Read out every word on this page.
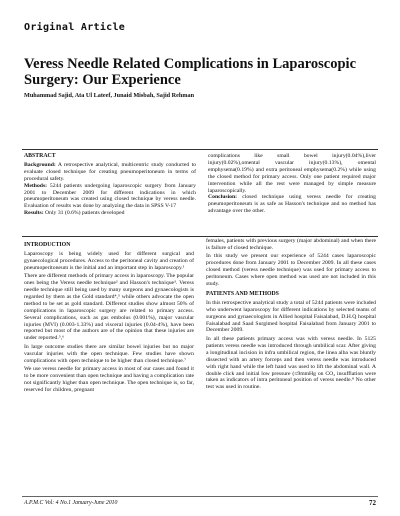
Original Article
Veress Needle Related Complications in Laparoscopic Surgery: Our Experience
Muhammad Sajid, Ata Ul Lateef, Junaid Misbah, Sajid Rehman

ABSTRACT

Background: A retrospective analytical, multicentric study conducted to evaluate closed technique for creating pneumoperitoneum in terms of procedural safety.

Methods: 5244 patients undergoing laparoscopic surgery from January 2001 to December 2009 for different indications in which pneumoperitoneum was created using closed technique by veress needle. Evaluation of results was done by analyzing the data in SPSS V-17

Results: Only 31 (0.6%) patients developed

complications like small bowel injury(0.04%),liver injury(0.02%),omental vascular injury(0.13%), omental emphysema(0.19%) and extra peritoneal emphysema(0.2%) while using the closed method for primary access. Only one patient required major intervention while all the rest were managed by simple measure laparoscopically.

Conclusion: closed technique using veress needle for creating pneumoperitoneum is as safe as Hasson's technique and no method has advantage over the other.

INTRODUCTION

Laparoscopy is being widely used for different surgical and gynaecological procedures. Access to the peritoneal cavity and creation of pneumoperitoneum is the initial and an important step in laparoscopy.¹

There are different methods of primary access in laparoscopy. The popular ones being the Veress needle technique² and Hasson's technique³. Veress needle technique still being used by many surgeons and gynaecologists is regarded by them as the Gold standard⁴,⁵ while others advocate the open method to be set as gold standard. Different studies show almost 50% of complications in laparoscopic surgery are related to primary access. Several complications, such as gas embolus (0.001%), major vascular injuries (MVI) (0.003-1.33%) and visceral injuries (0.04-4%), have been reported but most of the authors are of the opinion that these injuries are under reported.⁵,⁶

In large outcome studies there are similar bowel injuries but no major vascular injuries with the open technique. Few studies have shown complications with open technique to be higher than closed technique.⁷

We use veress needle for primary access in most of our cases and found it to be more convenient than open technique and having a complication rate not significantly higher than open technique. The open technique is, so far, reserved for children, pregnant

females, patients with previous surgery (major abdominal) and when there is failure of closed technique.

In this study we present our experience of 5244 cases laparoscopic procedures done from January 2001 to December 2009. In all these cases closed method (veress needle technique) was used for primary access to peritoneum. Cases where open method was used are not included in this study.

PATIENTS AND METHODS

In this retrospective analytical study a total of 5244 patients were included who underwent laparoscopy for different indications by selected teams of surgeons and gynaecologists in Allied hospital Faisalabad, D.H.Q hospital Faisalabad and Saad Surgimed hospital Faisalabad from January 2001 to December 2009.

In all these patients primary access was with veress needle. In 5125 patients veress needle was introduced through umbilical scar. After giving a longitudinal incision in infra umbilical region, the linea alba was bluntly dissected with an artery forceps and then veress needle was introduced with right hand while the left hand was used to lift the abdominal wall. A double click and initial low pressure (≤9mmHg on CO₂ insufflation were taken as indicators of intra peritoneal position of veress needle.⁸ No other test was used in routine.

A.P.M.C Vol: 4 No.1 January-June 2010	72
